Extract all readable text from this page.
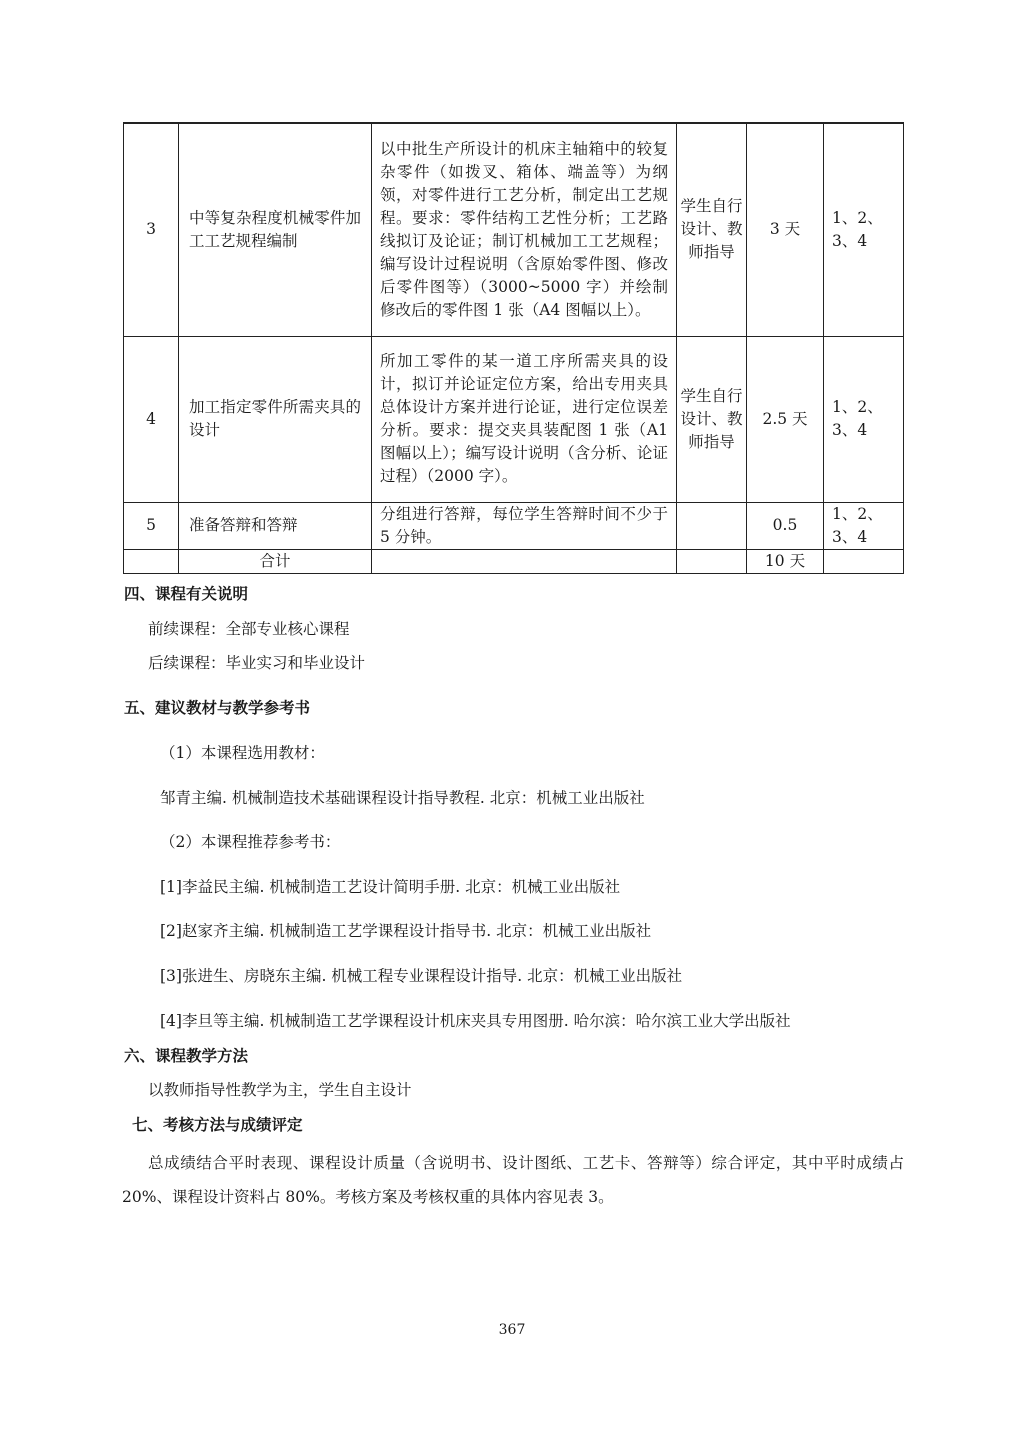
3	中等复杂程度机械零件加工工艺规程编制	以中批生产所设计的机床主轴箱中的较复杂零件（如拨叉、箱体、端盖等）为纲领，对零件进行工艺分析，制定出工艺规程。要求：零件结构工艺性分析；工艺路线拟订及论证；制订机械加工工艺规程；编写设计过程说明（含原始零件图、修改后零件图等）（3000~5000 字）并绘制修改后的零件图 1 张（A4 图幅以上）。	学生自行设计、教师指导	3 天	1、2、3、4
4	加工指定零件所需夹具的设计	所加工零件的某一道工序所需夹具的设计，拟订并论证定位方案，给出专用夹具总体设计方案并进行论证，进行定位误差分析。要求：提交夹具装配图 1 张（A1 图幅以上）；编写设计说明（含分析、论证过程）（2000 字）。	学生自行设计、教师指导	2.5 天	1、2、3、4
5	准备答辩和答辩	分组进行答辩，每位学生答辩时间不少于 5 分钟。		0.5	1、2、3、4
	合计			10 天	
四、课程有关说明
前续课程：全部专业核心课程
后续课程：毕业实习和毕业设计
五、建议教材与教学参考书
（1）本课程选用教材：
邹青主编. 机械制造技术基础课程设计指导教程. 北京：机械工业出版社
（2）本课程推荐参考书：
[1]李益民主编. 机械制造工艺设计简明手册. 北京：机械工业出版社
[2]赵家齐主编. 机械制造工艺学课程设计指导书. 北京：机械工业出版社
[3]张进生、房晓东主编. 机械工程专业课程设计指导. 北京：机械工业出版社
[4]李旦等主编. 机械制造工艺学课程设计机床夹具专用图册. 哈尔滨：哈尔滨工业大学出版社
六、课程教学方法
以教师指导性教学为主，学生自主设计
七、考核方法与成绩评定
总成绩结合平时表现、课程设计质量（含说明书、设计图纸、工艺卡、答辩等）综合评定，其中平时成绩占 20%、课程设计资料占 80%。考核方案及考核权重的具体内容见表 3。
367
